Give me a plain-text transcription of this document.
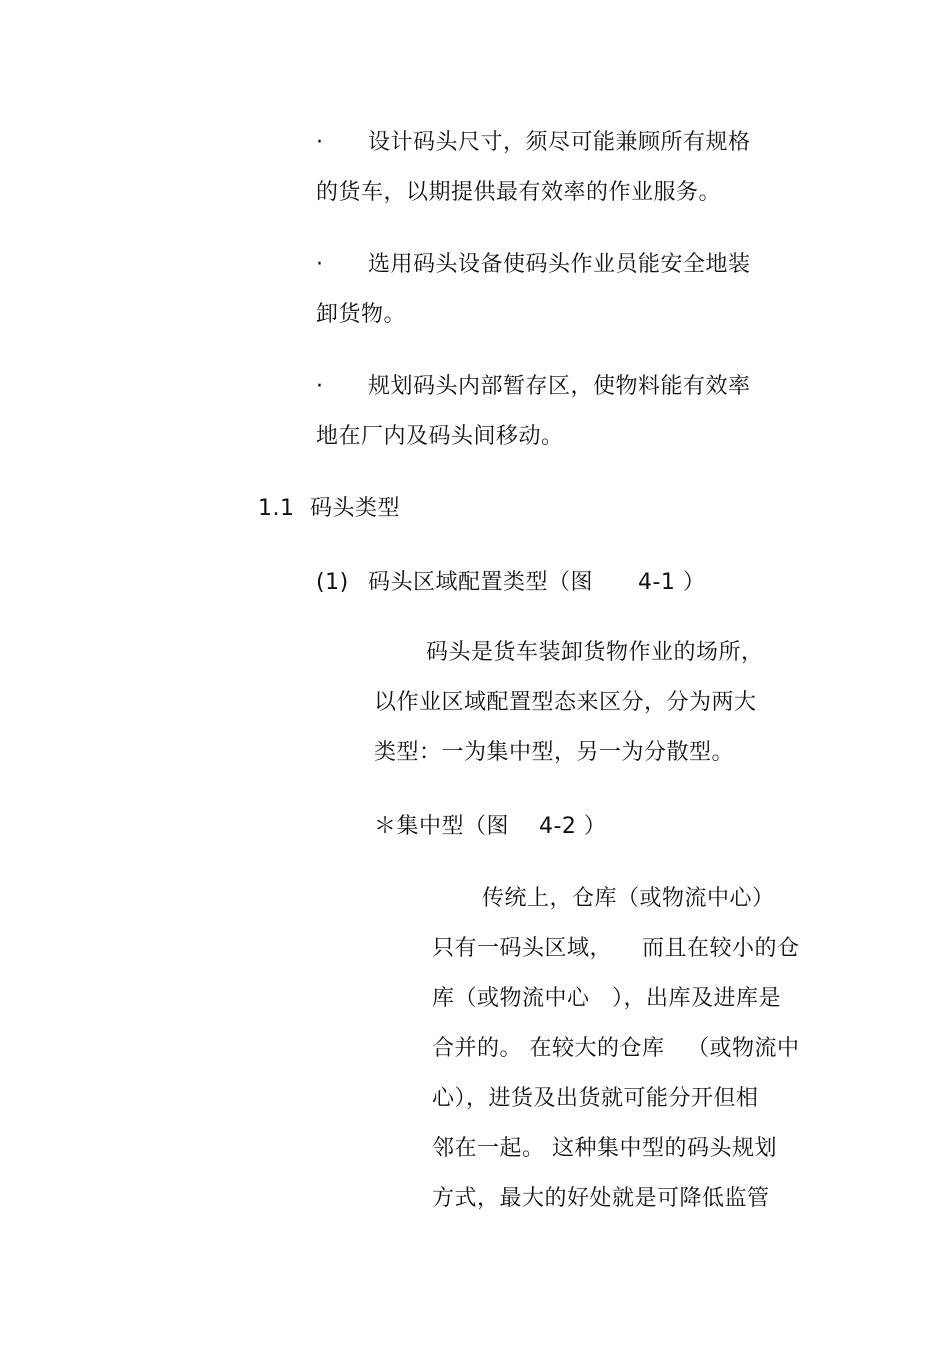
· 设计码头尺寸，须尽可能兼顾所有规格
的货车，以期提供最有效率的作业服务。
· 选用码头设备使码头作业员能安全地装
卸货物。
· 规划码头内部暂存区，使物料能有效率
地在厂内及码头间移动。
1.1 码头类型
(1) 码头区域配置类型（图      4-1 ）
码头是货车装卸货物作业的场所，
以作业区域配置型态来区分，分为两大
类型：一为集中型，另一为分散型。
＊集中型（图    4-2 ）
传统上，仓库（或物流中心）
只有一码头区域，    而且在较小的仓
库（或物流中心   ），出库及进库是
合并的。 在较大的仓库   （或物流中
心），进货及出货就可能分开但相
邻在一起。 这种集中型的码头规划
方式，最大的好处就是可降低监管
